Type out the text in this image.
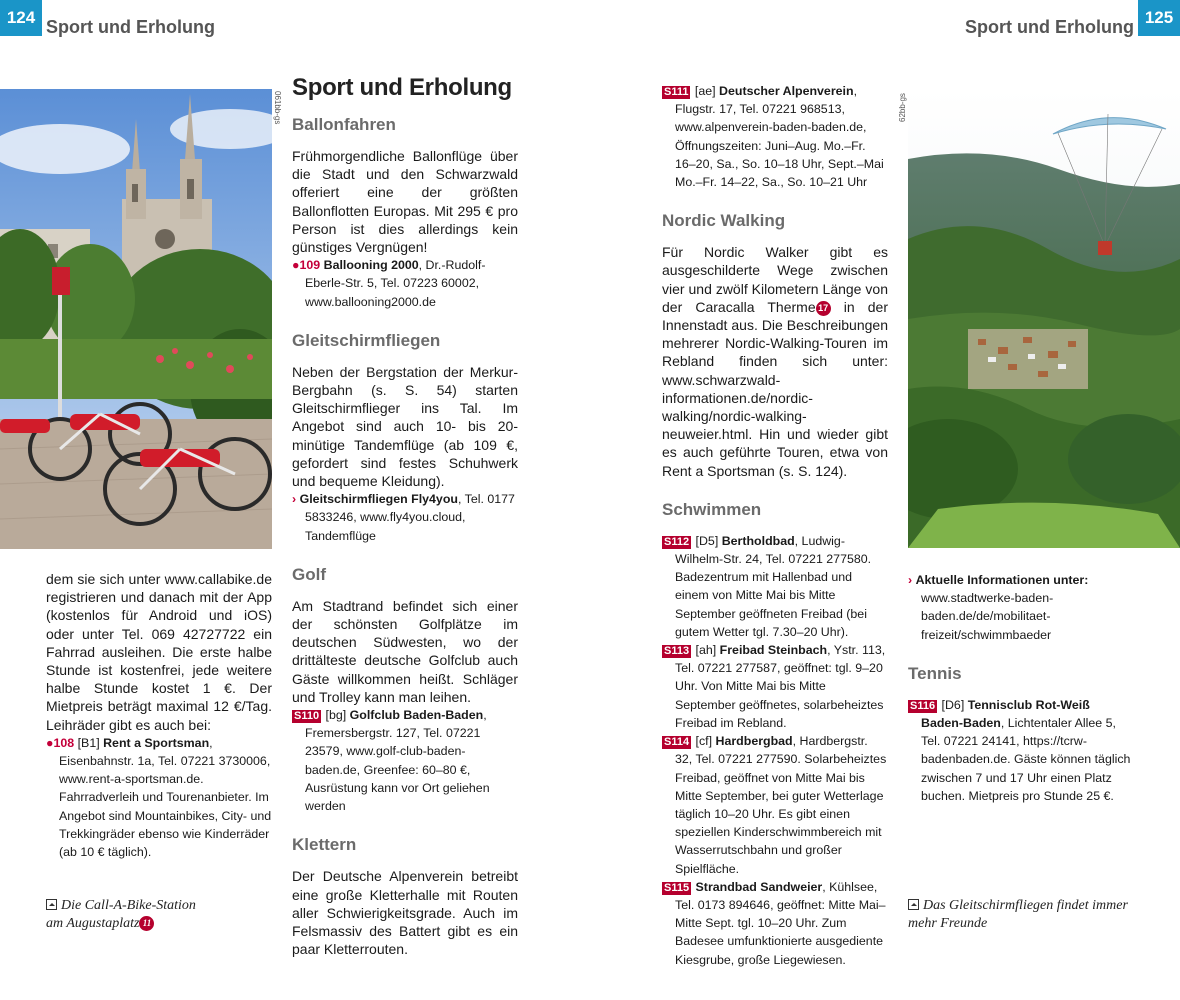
124 Sport und Erholung	Sport und Erholung 125
061bb-gs

dem sie sich unter www.callabike.de registrieren und danach mit der App (kostenlos für Android und iOS) oder unter Tel. 069 42727722 ein Fahrrad ausleihen. Die erste halbe Stunde ist kostenfrei, jede weitere halbe Stunde kostet 1 €. Der Mietpreis beträgt maximal 12 €/Tag. Leihräder gibt es auch bei:

●108 [B1] Rent a Sportsman, Eisenbahnstr. 1a, Tel. 07221 3730006, www.rent-a-sportsman.de. Fahrradverleih und Tourenanbieter. Im Angebot sind Mountainbikes, City- und Trekkingräder ebenso wie Kinderräder (ab 10 € täglich).

Die Call-A-Bike-Station
am Augustaplatz 11
Sport und Erholung
Ballonfahren

Frühmorgendliche Ballonflüge über die Stadt und den Schwarzwald offeriert eine der größten Ballonflotten Europas. Mit 295 € pro Person ist dies allerdings kein günstiges Vergnügen!

●109 Ballooning 2000, Dr.-Rudolf-Eberle-Str. 5, Tel. 07223 60002, www.ballooning2000.de

Gleitschirmfliegen

Neben der Bergstation der Merkur-Bergbahn (s. S. 54) starten Gleitschirmflieger ins Tal. Im Angebot sind auch 10- bis 20-minütige Tandemflüge (ab 109 €, gefordert sind festes Schuhwerk und bequeme Kleidung).

› Gleitschirmfliegen Fly4you, Tel. 0177 5833246, www.fly4you.cloud, Tandemflüge

Golf

Am Stadtrand befindet sich einer der schönsten Golfplätze im deutschen Südwesten, wo der drittälteste deutsche Golfclub auch Gäste willkommen heißt. Schläger und Trolley kann man leihen.

S110 [bg] Golfclub Baden-Baden, Fremersbergstr. 127, Tel. 07221 23579, www.golf-club-baden-baden.de, Greenfee: 60–80 €, Ausrüstung kann vor Ort geliehen werden

Klettern

Der Deutsche Alpenverein betreibt eine große Kletterhalle mit Routen aller Schwierigkeitsgrade. Auch im Felsmassiv des Battert gibt es ein paar Kletterrouten.

S111 [ae] Deutscher Alpenverein, Flugstr. 17, Tel. 07221 968513, www.alpenverein-baden-baden.de, Öffnungszeiten: Juni–Aug. Mo.–Fr. 16–20, Sa., So. 10–18 Uhr, Sept.–Mai Mo.–Fr. 14–22, Sa., So. 10–21 Uhr

Nordic Walking

Für Nordic Walker gibt es ausgeschilderte Wege zwischen vier und zwölf Kilometern Länge von der Caracalla Therme 17 in der Innenstadt aus. Die Beschreibungen mehrerer Nordic-Walking-Touren im Rebland finden sich unter: www.schwarzwald-informationen.de/nordic-walking/nordic-walking-neuweier.html. Hin und wieder gibt es auch geführte Touren, etwa von Rent a Sportsman (s. S. 124).

Schwimmen

S112 [D5] Bertholdbad, Ludwig-Wilhelm-Str. 24, Tel. 07221 277580. Badezentrum mit Hallenbad und einem von Mitte Mai bis Mitte September geöffneten Freibad (bei gutem Wetter tgl. 7.30–20 Uhr).

S113 [ah] Freibad Steinbach, Ystr. 113, Tel. 07221 277587, geöffnet: tgl. 9–20 Uhr. Von Mitte Mai bis Mitte September geöffnetes, solarbeheiztes Freibad im Rebland.

S114 [cf] Hardbergbad, Hardbergstr. 32, Tel. 07221 277590. Solarbeheiztes Freibad, geöffnet von Mitte Mai bis Mitte September, bei guter Wetterlage täglich 10–20 Uhr. Es gibt einen speziellen Kinderschwimmbereich mit Wasserrutschbahn und großer Spielfläche.

S115 Strandbad Sandweier, Kühlsee, Tel. 0173 894646, geöffnet: Mitte Mai–Mitte Sept. tgl. 10–20 Uhr. Zum Badesee umfunktionierte ausgediente Kiesgrube, große Liegewiesen.

62bb-gs

› Aktuelle Informationen unter: www.stadtwerke-baden-baden.de/de/mobilitaet-freizeit/schwimmbaeder

Tennis

S116 [D6] Tennisclub Rot-Weiß Baden-Baden, Lichtentaler Allee 5, Tel. 07221 24141, https://tcrw-badenbaden.de. Gäste können täglich zwischen 7 und 17 Uhr einen Platz buchen. Mietpreis pro Stunde 25 €.

Das Gleitschirmfliegen findet immer mehr Freunde
